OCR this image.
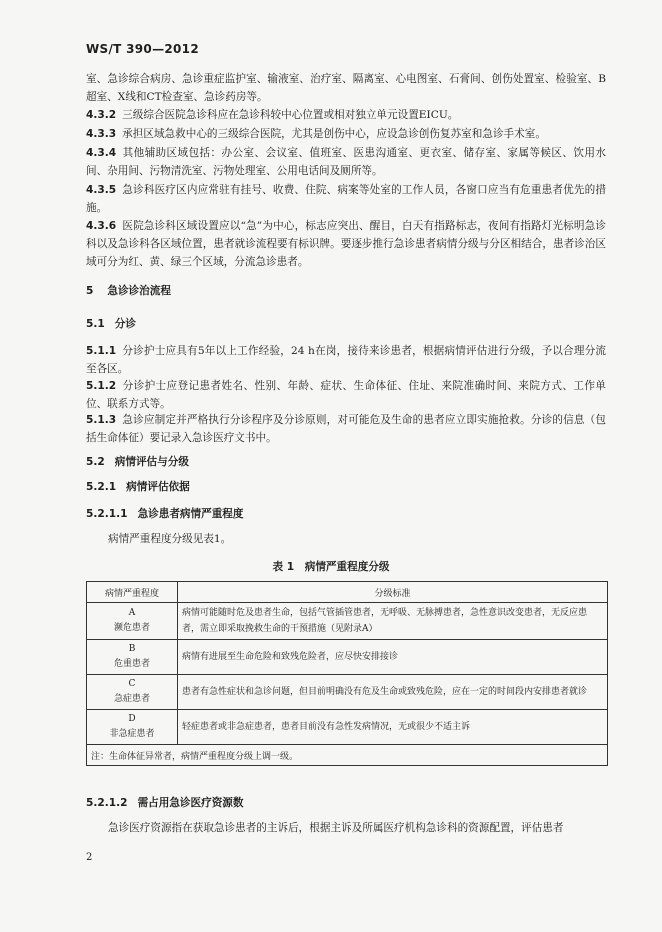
WS/T 390—2012
室、急诊综合病房、急诊重症监护室、输液室、治疗室、隔离室、心电图室、石膏间、创伤处置室、检验室、B超室、X线和CT检查室、急诊药房等。
4.3.2 三级综合医院急诊科应在急诊科较中心位置或相对独立单元设置EICU。
4.3.3 承担区域急救中心的三级综合医院，尤其是创伤中心，应设急诊创伤复苏室和急诊手术室。
4.3.4 其他辅助区域包括：办公室、会议室、值班室、医患沟通室、更衣室、储存室、家属等候区、饮用水间、杂用间、污物清洗室、污物处理室、公用电话间及厕所等。
4.3.5 急诊科医疗区内应常驻有挂号、收费、住院、病案等处室的工作人员，各窗口应当有危重患者优先的措施。
4.3.6 医院急诊科区域设置应以“急”为中心，标志应突出、醒目，白天有指路标志，夜间有指路灯光标明急诊科以及急诊科各区域位置，患者就诊流程要有标识牌。要逐步推行急诊患者病情分级与分区相结合，患者诊治区域可分为红、黄、绿三个区域，分流急诊患者。
5 急诊诊治流程
5.1 分诊
5.1.1 分诊护士应具有5年以上工作经验，24 h在岗，接待来诊患者，根据病情评估进行分级，予以合理分流至各区。
5.1.2 分诊护士应登记患者姓名、性别、年龄、症状、生命体征、住址、来院准确时间、来院方式、工作单位、联系方式等。
5.1.3 急诊应制定并严格执行分诊程序及分诊原则，对可能危及生命的患者应立即实施抢救。分诊的信息（包括生命体征）要记录入急诊医疗文书中。
5.2 病情评估与分级
5.2.1 病情评估依据
5.2.1.1 急诊患者病情严重程度
病情严重程度分级见表1。
表 1　病情严重程度分级
病情严重程度	分级标准

A
濒危患者	病情可能随时危及患者生命，包括气管插管患者，无呼吸、无脉搏患者，急性意识改变患者，无反应患者，需立即采取挽救生命的干预措施（见附录A）

B
危重患者	病情有进展至生命危险和致残危险者，应尽快安排接诊

C
急症患者	患者有急性症状和急诊问题，但目前明确没有危及生命或致残危险，应在一定的时间段内安排患者就诊

D
非急症患者	轻症患者或非急症患者，患者目前没有急性发病情况，无或很少不适主诉
注：生命体征异常者，病情严重程度分级上调一级。	
5.2.1.2 需占用急诊医疗资源数
急诊医疗资源指在获取急诊患者的主诉后，根据主诉及所属医疗机构急诊科的资源配置，评估患者
2
